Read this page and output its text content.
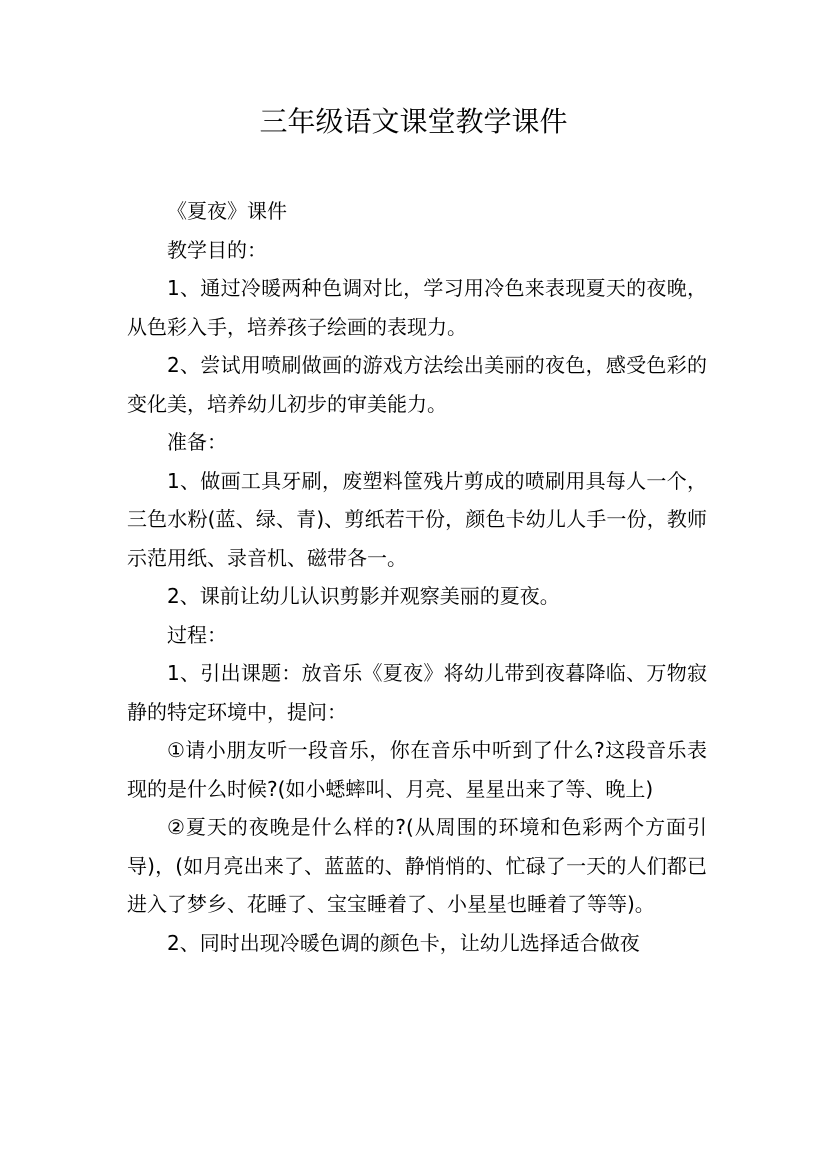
三年级语文课堂教学课件

《夏夜》课件

教学目的：

1、通过冷暖两种色调对比，学习用冷色来表现夏天的夜晚，从色彩入手，培养孩子绘画的表现力。

2、尝试用喷刷做画的游戏方法绘出美丽的夜色，感受色彩的变化美，培养幼儿初步的审美能力。

准备：

1、做画工具牙刷，废塑料筐残片剪成的喷刷用具每人一个，三色水粉(蓝、绿、青)、剪纸若干份，颜色卡幼儿人手一份，教师示范用纸、录音机、磁带各一。

2、课前让幼儿认识剪影并观察美丽的夏夜。

过程：

1、引出课题：放音乐《夏夜》将幼儿带到夜暮降临、万物寂静的特定环境中，提问：

①请小朋友听一段音乐，你在音乐中听到了什么?这段音乐表现的是什么时候?(如小蟋蟀叫、月亮、星星出来了等、晚上)

②夏天的夜晚是什么样的?(从周围的环境和色彩两个方面引导)，(如月亮出来了、蓝蓝的、静悄悄的、忙碌了一天的人们都已进入了梦乡、花睡了、宝宝睡着了、小星星也睡着了等等)。

2、同时出现冷暖色调的颜色卡，让幼儿选择适合做夜
